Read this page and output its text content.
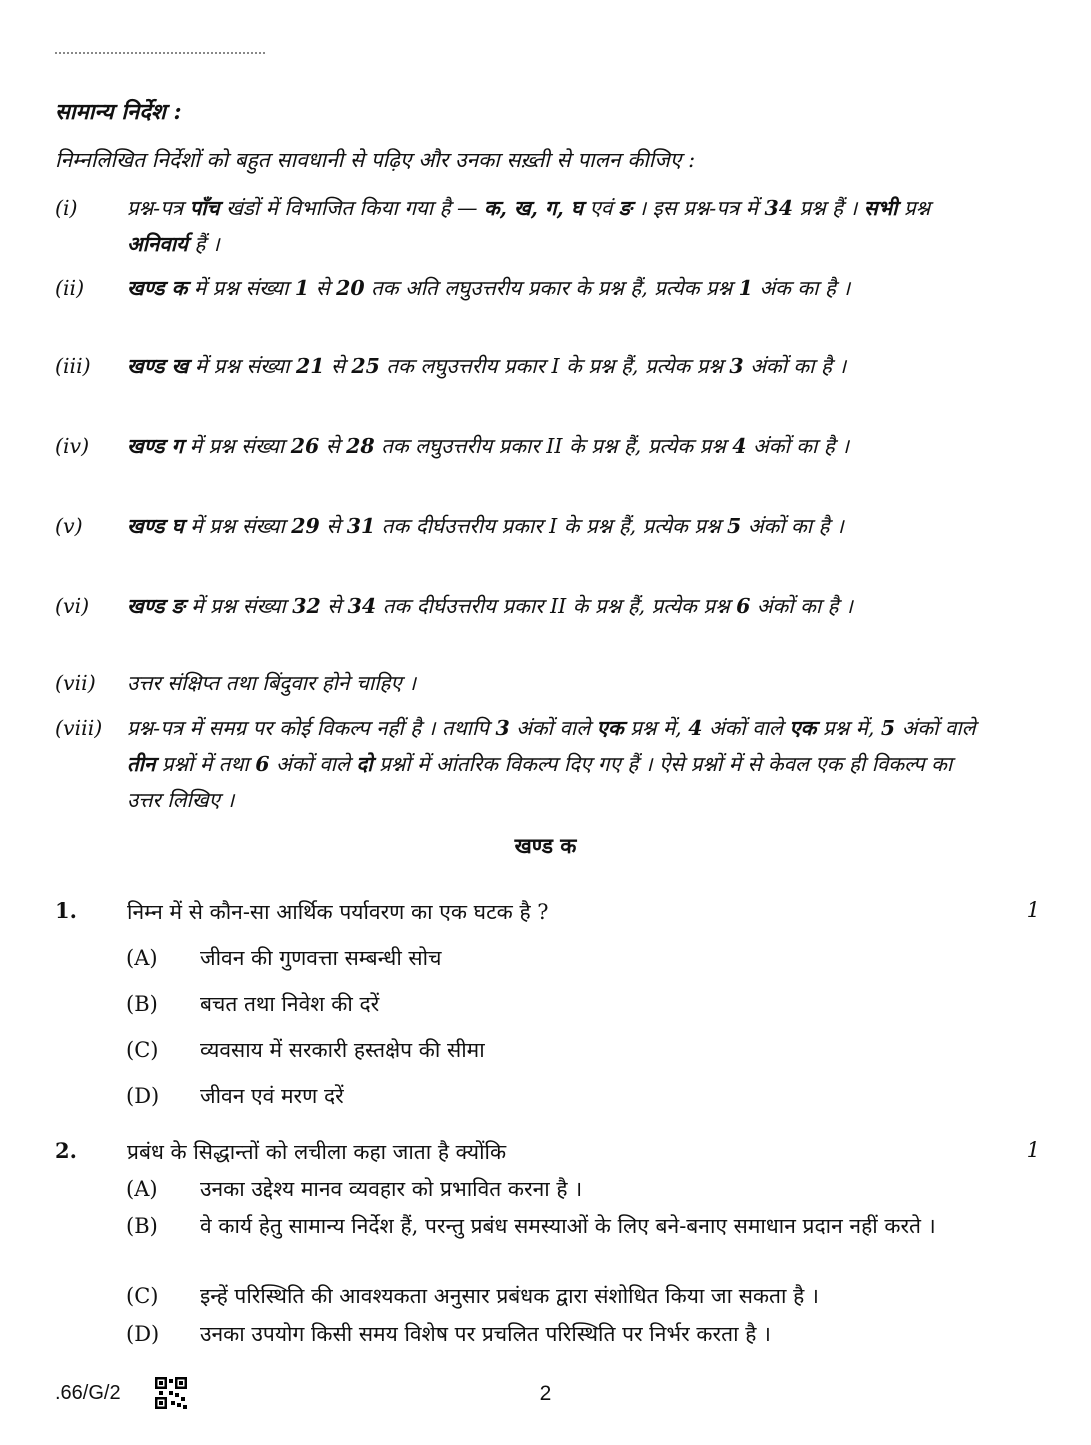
सामान्य निर्देश :
निम्नलिखित निर्देशों को बहुत सावधानी से पढ़िए और उनका सख़्ती से पालन कीजिए :
(i)	प्रश्न-पत्र पाँच खंडों में विभाजित किया गया है — क, ख, ग, घ एवं ङ । इस प्रश्न-पत्र में 34 प्रश्न हैं । सभी प्रश्न अनिवार्य हैं ।
(ii)	खण्ड क में प्रश्न संख्या 1 से 20 तक अति लघुउत्तरीय प्रकार के प्रश्न हैं, प्रत्येक प्रश्न 1 अंक का है ।
(iii)	खण्ड ख में प्रश्न संख्या 21 से 25 तक लघुउत्तरीय प्रकार I के प्रश्न हैं, प्रत्येक प्रश्न 3 अंकों का है ।
(iv)	खण्ड ग में प्रश्न संख्या 26 से 28 तक लघुउत्तरीय प्रकार II के प्रश्न हैं, प्रत्येक प्रश्न 4 अंकों का है ।
(v)	खण्ड घ में प्रश्न संख्या 29 से 31 तक दीर्घउत्तरीय प्रकार I के प्रश्न हैं, प्रत्येक प्रश्न 5 अंकों का है ।
(vi)	खण्ड ङ में प्रश्न संख्या 32 से 34 तक दीर्घउत्तरीय प्रकार II के प्रश्न हैं, प्रत्येक प्रश्न 6 अंकों का है ।
(vii)	उत्तर संक्षिप्त तथा बिंदुवार होने चाहिए ।
(viii)	प्रश्न-पत्र में समग्र पर कोई विकल्प नहीं है । तथापि 3 अंकों वाले एक प्रश्न में, 4 अंकों वाले एक प्रश्न में, 5 अंकों वाले तीन प्रश्नों में तथा 6 अंकों वाले दो प्रश्नों में आंतरिक विकल्प दिए गए हैं । ऐसे प्रश्नों में से केवल एक ही विकल्प का उत्तर लिखिए ।
खण्ड क
1. निम्न में से कौन-सा आर्थिक पर्यावरण का एक घटक है ?	1
(A) जीवन की गुणवत्ता सम्बन्धी सोच
(B) बचत तथा निवेश की दरें
(C) व्यवसाय में सरकारी हस्तक्षेप की सीमा
(D) जीवन एवं मरण दरें
2. प्रबंध के सिद्धान्तों को लचीला कहा जाता है क्योंकि	1
(A) उनका उद्देश्य मानव व्यवहार को प्रभावित करना है ।
(B) वे कार्य हेतु सामान्य निर्देश हैं, परन्तु प्रबंध समस्याओं के लिए बने-बनाए समाधान प्रदान नहीं करते ।
(C) इन्हें परिस्थिति की आवश्यकता अनुसार प्रबंधक द्वारा संशोधित किया जा सकता है ।
(D) उनका उपयोग किसी समय विशेष पर प्रचलित परिस्थिति पर निर्भर करता है ।
.66/G/2	2
